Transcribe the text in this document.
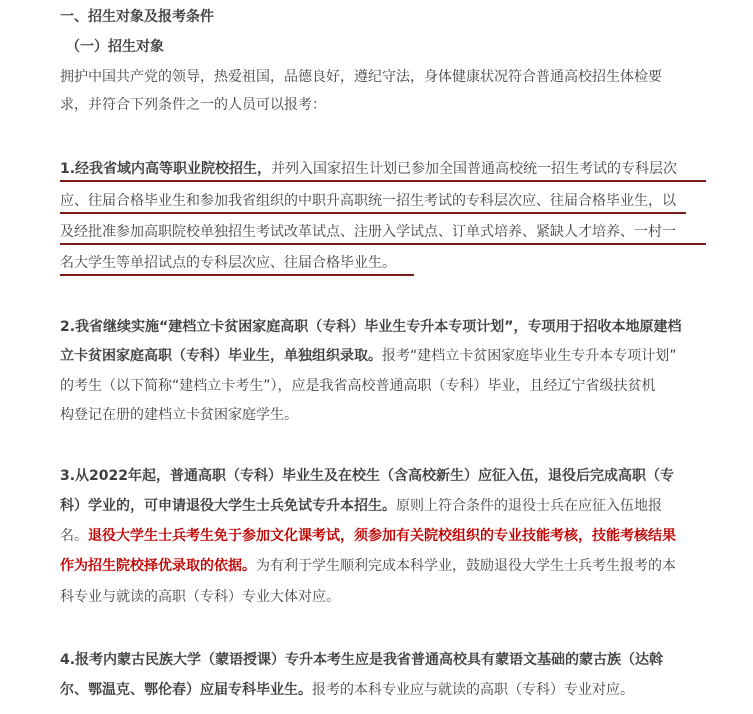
一、招生对象及报考条件
（一）招生对象
拥护中国共产党的领导，热爱祖国，品德良好，遵纪守法，身体健康状况符合普通高校招生体检要
求，并符合下列条件之一的人员可以报考：
1.经我省域内高等职业院校招生，并列入国家招生计划已参加全国普通高校统一招生考试的专科层次
应、往届合格毕业生和参加我省组织的中职升高职统一招生考试的专科层次应、往届合格毕业生，以
及经批准参加高职院校单独招生考试改革试点、注册入学试点、订单式培养、紧缺人才培养、一村一
名大学生等单招试点的专科层次应、往届合格毕业生。
2.我省继续实施“建档立卡贫困家庭高职（专科）毕业生专升本专项计划”，专项用于招收本地原建档
立卡贫困家庭高职（专科）毕业生，单独组织录取。报考“建档立卡贫困家庭毕业生专升本专项计划”
的考生（以下简称“建档立卡考生”），应是我省高校普通高职（专科）毕业，且经辽宁省级扶贫机
构登记在册的建档立卡贫困家庭学生。
3.从2022年起，普通高职（专科）毕业生及在校生（含高校新生）应征入伍，退役后完成高职（专
科）学业的，可申请退役大学生士兵免试专升本招生。原则上符合条件的退役士兵在应征入伍地报
名。退役大学生士兵考生免于参加文化课考试，须参加有关院校组织的专业技能考核，技能考核结果
作为招生院校择优录取的依据。为有利于学生顺利完成本科学业，鼓励退役大学生士兵考生报考的本
科专业与就读的高职（专科）专业大体对应。
4.报考内蒙古民族大学（蒙语授课）专升本考生应是我省普通高校具有蒙语文基础的蒙古族（达斡
尔、鄂温克、鄂伦春）应届专科毕业生。报考的本科专业应与就读的高职（专科）专业对应。
